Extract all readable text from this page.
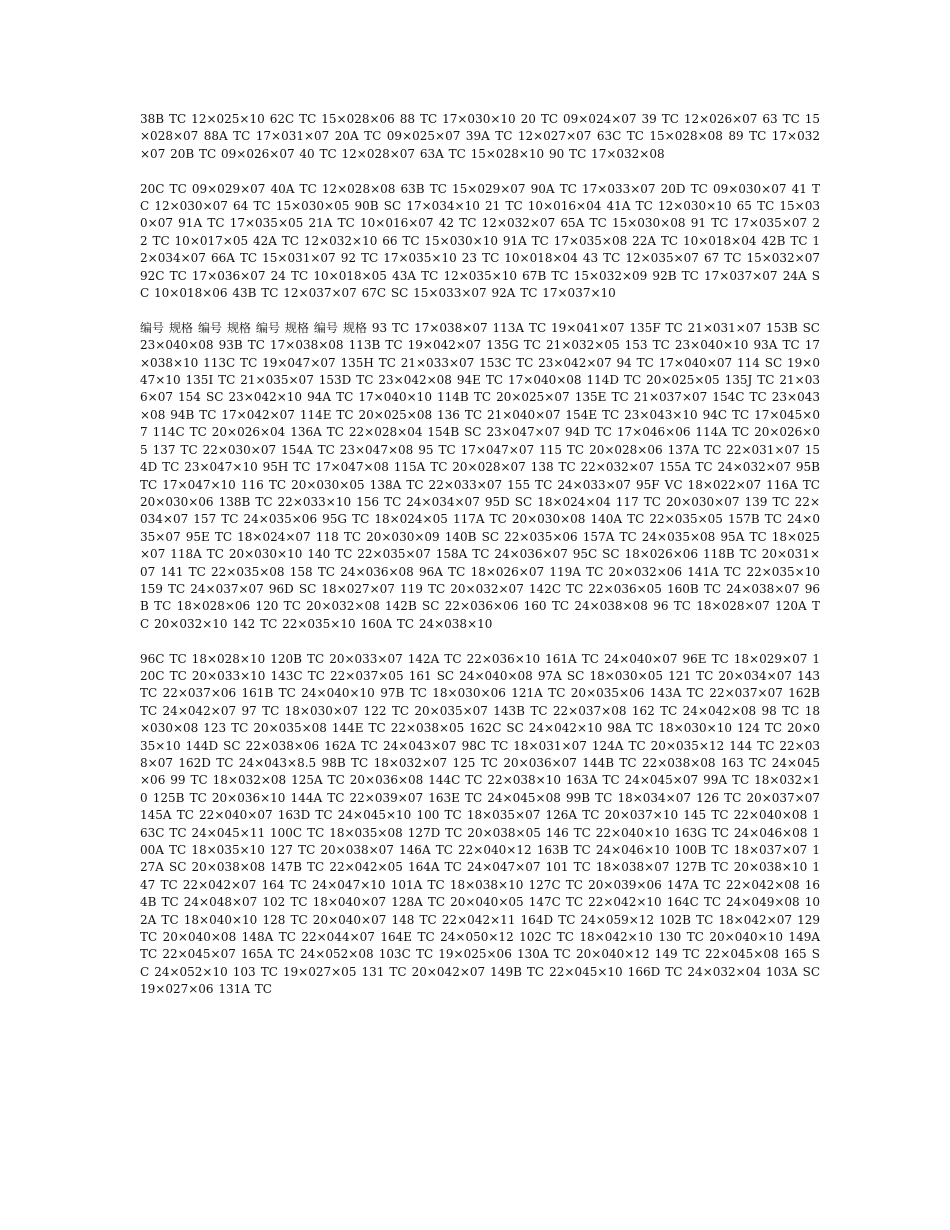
38B TC 12×025×10 62C TC 15×028×06 88 TC 17×030×10 20 TC 09×024×07 39 TC 12×026×07 63 TC 15×028×07 88A TC 17×031×07 20A TC 09×025×07 39A TC 12×027×07 63C TC 15×028×08 89 TC 17×032×07 20B TC 09×026×07 40 TC 12×028×07 63A TC 15×028×10 90 TC 17×032×08

20C TC 09×029×07 40A TC 12×028×08 63B TC 15×029×07 90A TC 17×033×07 20D TC 09×030×07 41 TC 12×030×07 64 TC 15×030×05 90B SC 17×034×10 21 TC 10×016×04 41A TC 12×030×10 65 TC 15×030×07 91A TC 17×035×05 21A TC 10×016×07 42 TC 12×032×07 65A TC 15×030×08 91 TC 17×035×07 22 TC 10×017×05 42A TC 12×032×10 66 TC 15×030×10 91A TC 17×035×08 22A TC 10×018×04 42B TC 12×034×07 66A TC 15×031×07 92 TC 17×035×10 23 TC 10×018×04 43 TC 12×035×07 67 TC 15×032×07 92C TC 17×036×07 24 TC 10×018×05 43A TC 12×035×10 67B TC 15×032×09 92B TC 17×037×07 24A SC 10×018×06 43B TC 12×037×07 67C SC 15×033×07 92A TC 17×037×10

编号 规格 编号 规格 编号 规格 编号 规格 93 TC 17×038×07 113A TC 19×041×07 135F TC 21×031×07 153B SC 23×040×08 93B TC 17×038×08 113B TC 19×042×07 135G TC 21×032×05 153 TC 23×040×10 93A TC 17×038×10 113C TC 19×047×07 135H TC 21×033×07 153C TC 23×042×07 94 TC 17×040×07 114 SC 19×047×10 135I TC 21×035×07 153D TC 23×042×08 94E TC 17×040×08 114D TC 20×025×05 135J TC 21×036×07 154 SC 23×042×10 94A TC 17×040×10 114B TC 20×025×07 135E TC 21×037×07 154C TC 23×043×08 94B TC 17×042×07 114E TC 20×025×08 136 TC 21×040×07 154E TC 23×043×10 94C TC 17×045×07 114C TC 20×026×04 136A TC 22×028×04 154B SC 23×047×07 94D TC 17×046×06 114A TC 20×026×05 137 TC 22×030×07 154A TC 23×047×08 95 TC 17×047×07 115 TC 20×028×06 137A TC 22×031×07 154D TC 23×047×10 95H TC 17×047×08 115A TC 20×028×07 138 TC 22×032×07 155A TC 24×032×07 95B TC 17×047×10 116 TC 20×030×05 138A TC 22×033×07 155 TC 24×033×07 95F VC 18×022×07 116A TC 20×030×06 138B TC 22×033×10 156 TC 24×034×07 95D SC 18×024×04 117 TC 20×030×07 139 TC 22×034×07 157 TC 24×035×06 95G TC 18×024×05 117A TC 20×030×08 140A TC 22×035×05 157B TC 24×035×07 95E TC 18×024×07 118 TC 20×030×09 140B SC 22×035×06 157A TC 24×035×08 95A TC 18×025×07 118A TC 20×030×10 140 TC 22×035×07 158A TC 24×036×07 95C SC 18×026×06 118B TC 20×031×07 141 TC 22×035×08 158 TC 24×036×08 96A TC 18×026×07 119A TC 20×032×06 141A TC 22×035×10 159 TC 24×037×07 96D SC 18×027×07 119 TC 20×032×07 142C TC 22×036×05 160B TC 24×038×07 96B TC 18×028×06 120 TC 20×032×08 142B SC 22×036×06 160 TC 24×038×08 96 TC 18×028×07 120A TC 20×032×10 142 TC 22×035×10 160A TC 24×038×10

96C TC 18×028×10 120B TC 20×033×07 142A TC 22×036×10 161A TC 24×040×07 96E TC 18×029×07 120C TC 20×033×10 143C TC 22×037×05 161 SC 24×040×08 97A SC 18×030×05 121 TC 20×034×07 143 TC 22×037×06 161B TC 24×040×10 97B TC 18×030×06 121A TC 20×035×06 143A TC 22×037×07 162B TC 24×042×07 97 TC 18×030×07 122 TC 20×035×07 143B TC 22×037×08 162 TC 24×042×08 98 TC 18×030×08 123 TC 20×035×08 144E TC 22×038×05 162C SC 24×042×10 98A TC 18×030×10 124 TC 20×035×10 144D SC 22×038×06 162A TC 24×043×07 98C TC 18×031×07 124A TC 20×035×12 144 TC 22×038×07 162D TC 24×043×8.5 98B TC 18×032×07 125 TC 20×036×07 144B TC 22×038×08 163 TC 24×045×06 99 TC 18×032×08 125A TC 20×036×08 144C TC 22×038×10 163A TC 24×045×07 99A TC 18×032×10 125B TC 20×036×10 144A TC 22×039×07 163E TC 24×045×08 99B TC 18×034×07 126 TC 20×037×07 145A TC 22×040×07 163D TC 24×045×10 100 TC 18×035×07 126A TC 20×037×10 145 TC 22×040×08 163C TC 24×045×11 100C TC 18×035×08 127D TC 20×038×05 146 TC 22×040×10 163G TC 24×046×08 100A TC 18×035×10 127 TC 20×038×07 146A TC 22×040×12 163B TC 24×046×10 100B TC 18×037×07 127A SC 20×038×08 147B TC 22×042×05 164A TC 24×047×07 101 TC 18×038×07 127B TC 20×038×10 147 TC 22×042×07 164 TC 24×047×10 101A TC 18×038×10 127C TC 20×039×06 147A TC 22×042×08 164B TC 24×048×07 102 TC 18×040×07 128A TC 20×040×05 147C TC 22×042×10 164C TC 24×049×08 102A TC 18×040×10 128 TC 20×040×07 148 TC 22×042×11 164D TC 24×059×12 102B TC 18×042×07 129 TC 20×040×08 148A TC 22×044×07 164E TC 24×050×12 102C TC 18×042×10 130 TC 20×040×10 149A TC 22×045×07 165A TC 24×052×08 103C TC 19×025×06 130A TC 20×040×12 149 TC 22×045×08 165 SC 24×052×10 103 TC 19×027×05 131 TC 20×042×07 149B TC 22×045×10 166D TC 24×032×04 103A SC 19×027×06 131A TC
